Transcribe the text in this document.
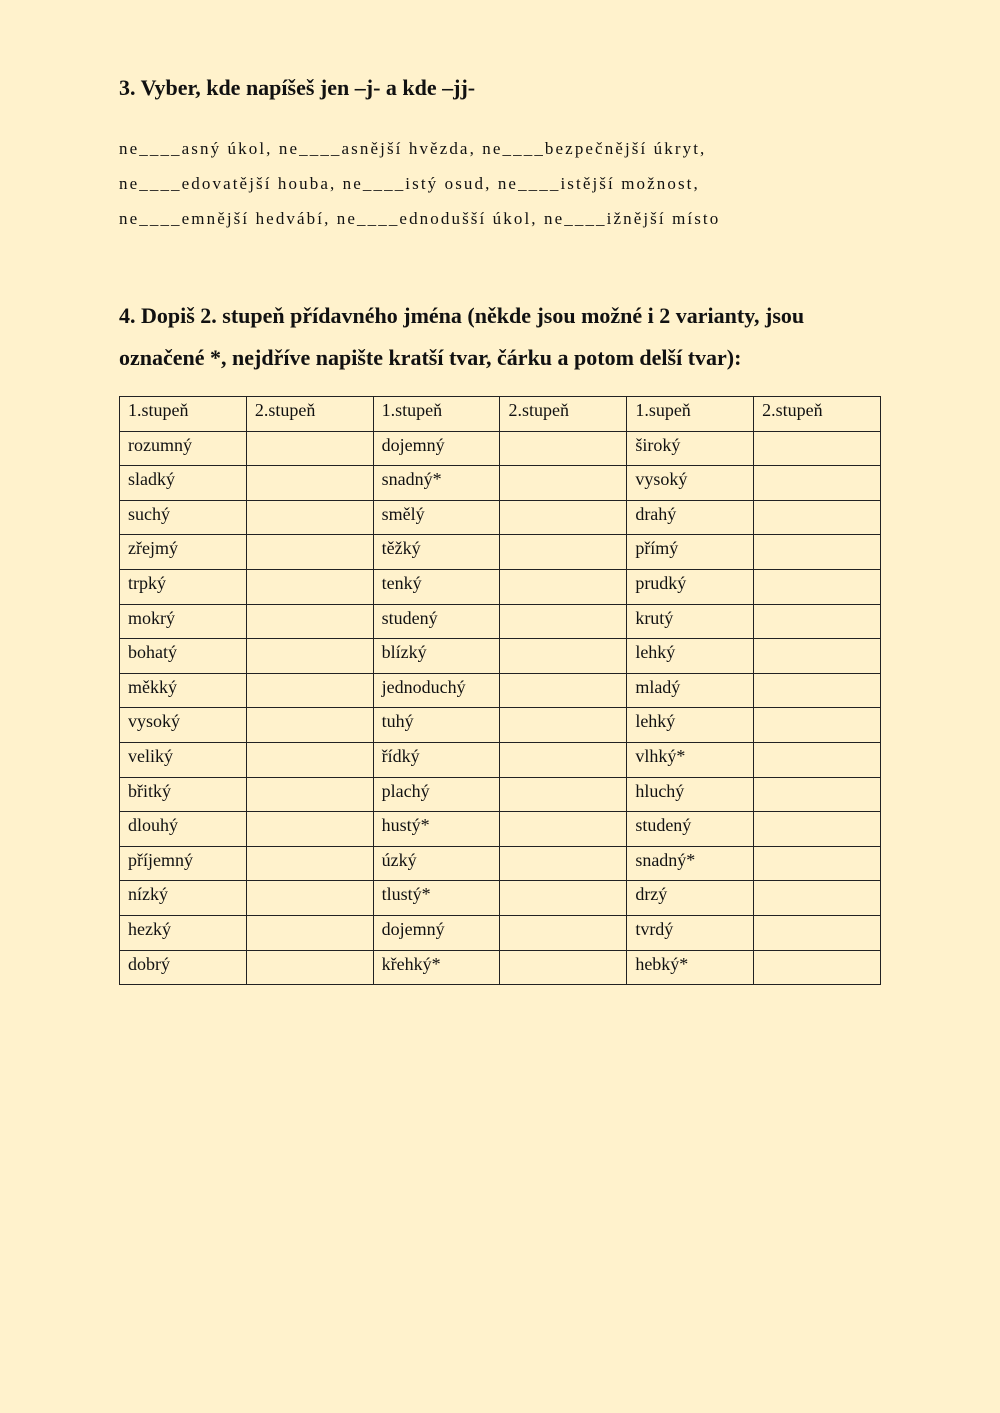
3. Vyber, kde napíšeš jen –j- a kde –jj-
ne____asný úkol, ne____asnější hvězda, ne____bezpečnější úkryt,
ne____edovatější houba, ne____istý osud, ne____istější možnost,
ne____emnější hedvábí, ne____ednodušší úkol, ne____ižnější místo
4. Dopiš 2. stupeň přídavného jména (někde jsou možné i 2 varianty, jsou označené *, nejdříve napište kratší tvar, čárku a potom delší tvar):
1.stupeň	2.stupeň	1.stupeň	2.stupeň	1.supeň	2.stupeň
rozumný		dojemný		široký	
sladký		snadný*		vysoký	
suchý		smělý		drahý	
zřejmý		těžký		přímý	
trpký		tenký		prudký	
mokrý		studený		krutý	
bohatý		blízký		lehký	
měkký		jednoduchý		mladý	
vysoký		tuhý		lehký	
veliký		řídký		vlhký*	
břitký		plachý		hluchý	
dlouhý		hustý*		studený	
příjemný		úzký		snadný*	
nízký		tlustý*		drzý	
hezký		dojemný		tvrdý	
dobrý		křehký*		hebký*	
